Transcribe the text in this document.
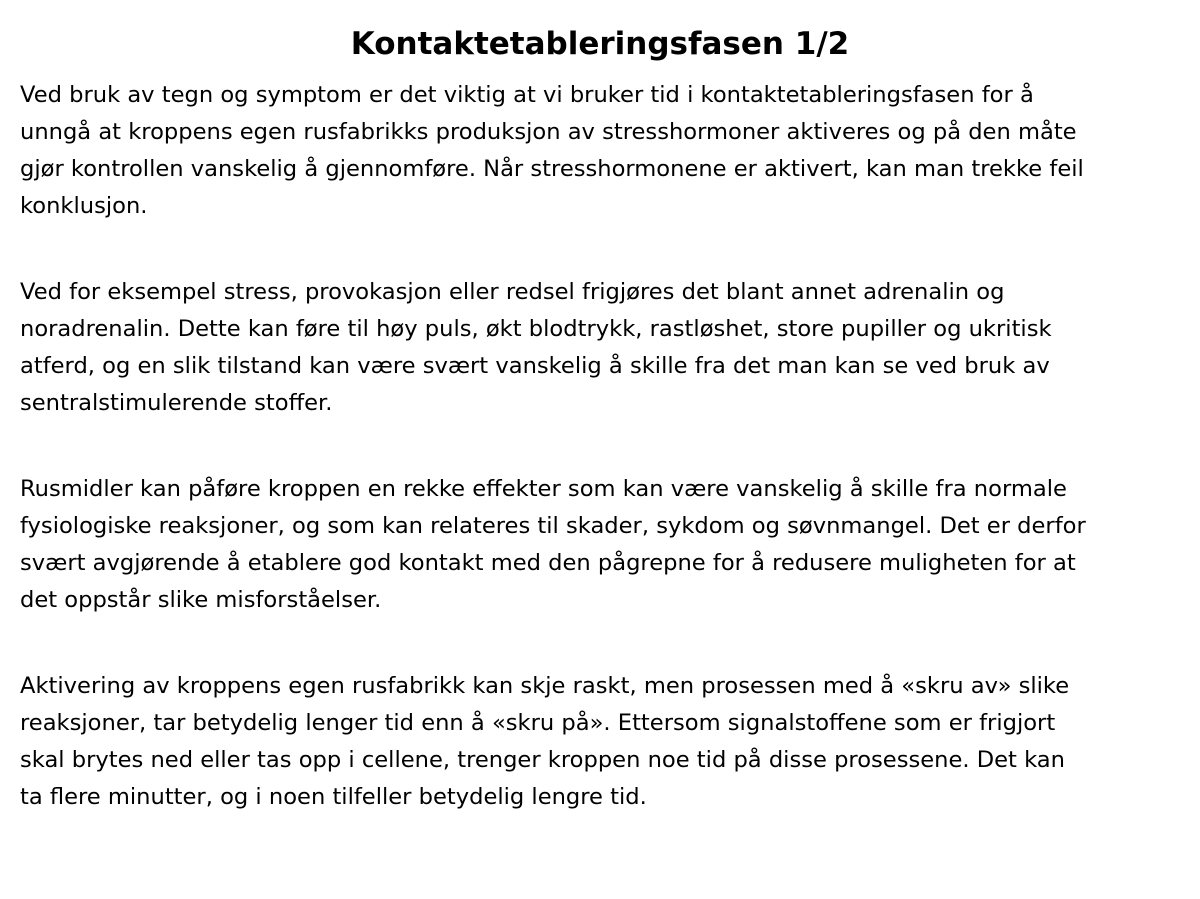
Kontaktetableringsfasen 1/2

Ved bruk av tegn og symptom er det viktig at vi bruker tid i kontaktetableringsfasen for å
unngå at kroppens egen rusfabrikks produksjon av stresshormoner aktiveres og på den måte
gjør kontrollen vanskelig å gjennomføre. Når stresshormonene er aktivert, kan man trekke feil
konklusjon.

Ved for eksempel stress, provokasjon eller redsel frigjøres det blant annet adrenalin og
noradrenalin. Dette kan føre til høy puls, økt blodtrykk, rastløshet, store pupiller og ukritisk
atferd, og en slik tilstand kan være svært vanskelig å skille fra det man kan se ved bruk av
sentralstimulerende stoffer.

Rusmidler kan påføre kroppen en rekke effekter som kan være vanskelig å skille fra normale
fysiologiske reaksjoner, og som kan relateres til skader, sykdom og søvnmangel. Det er derfor
svært avgjørende å etablere god kontakt med den pågrepne for å redusere muligheten for at
det oppstår slike misforståelser.

Aktivering av kroppens egen rusfabrikk kan skje raskt, men prosessen med å «skru av» slike
reaksjoner, tar betydelig lenger tid enn å «skru på». Ettersom signalstoffene som er frigjort
skal brytes ned eller tas opp i cellene, trenger kroppen noe tid på disse prosessene. Det kan
ta flere minutter, og i noen tilfeller betydelig lengre tid.
